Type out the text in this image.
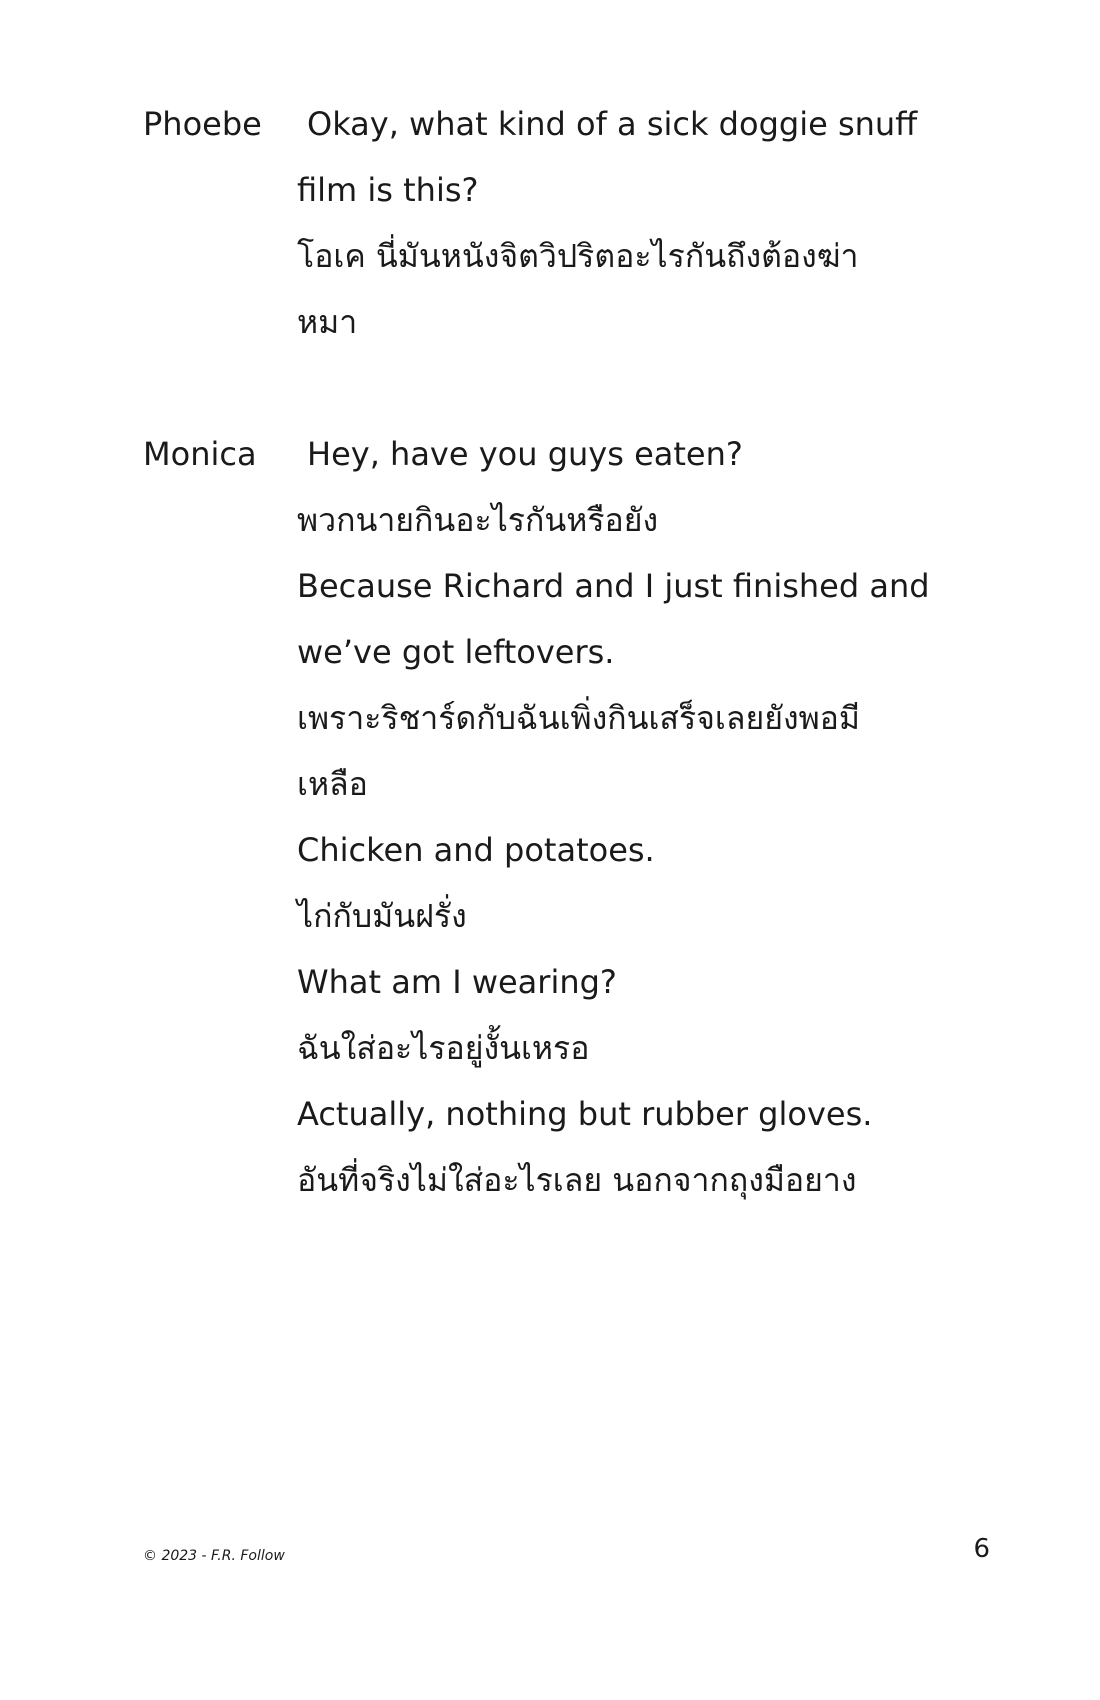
Phoebe	Okay, what kind of a sick doggie snuff
film is this?
โอเค นี่มันหนังจิตวิปริตอะไรกันถึงต้องฆ่า
หมา
Monica	Hey, have you guys eaten?
พวกนายกินอะไรกันหรือยัง
Because Richard and I just finished and
we’ve got leftovers.
เพราะริชาร์ดกับฉันเพิ่งกินเสร็จเลยยังพอมี
เหลือ
Chicken and potatoes.
ไก่กับมันฝรั่ง
What am I wearing?
ฉันใส่อะไรอยู่งั้นเหรอ
Actually, nothing but rubber gloves.
อันที่จริงไม่ใส่อะไรเลย นอกจากถุงมือยาง
© 2023 - F.R. Follow	6
